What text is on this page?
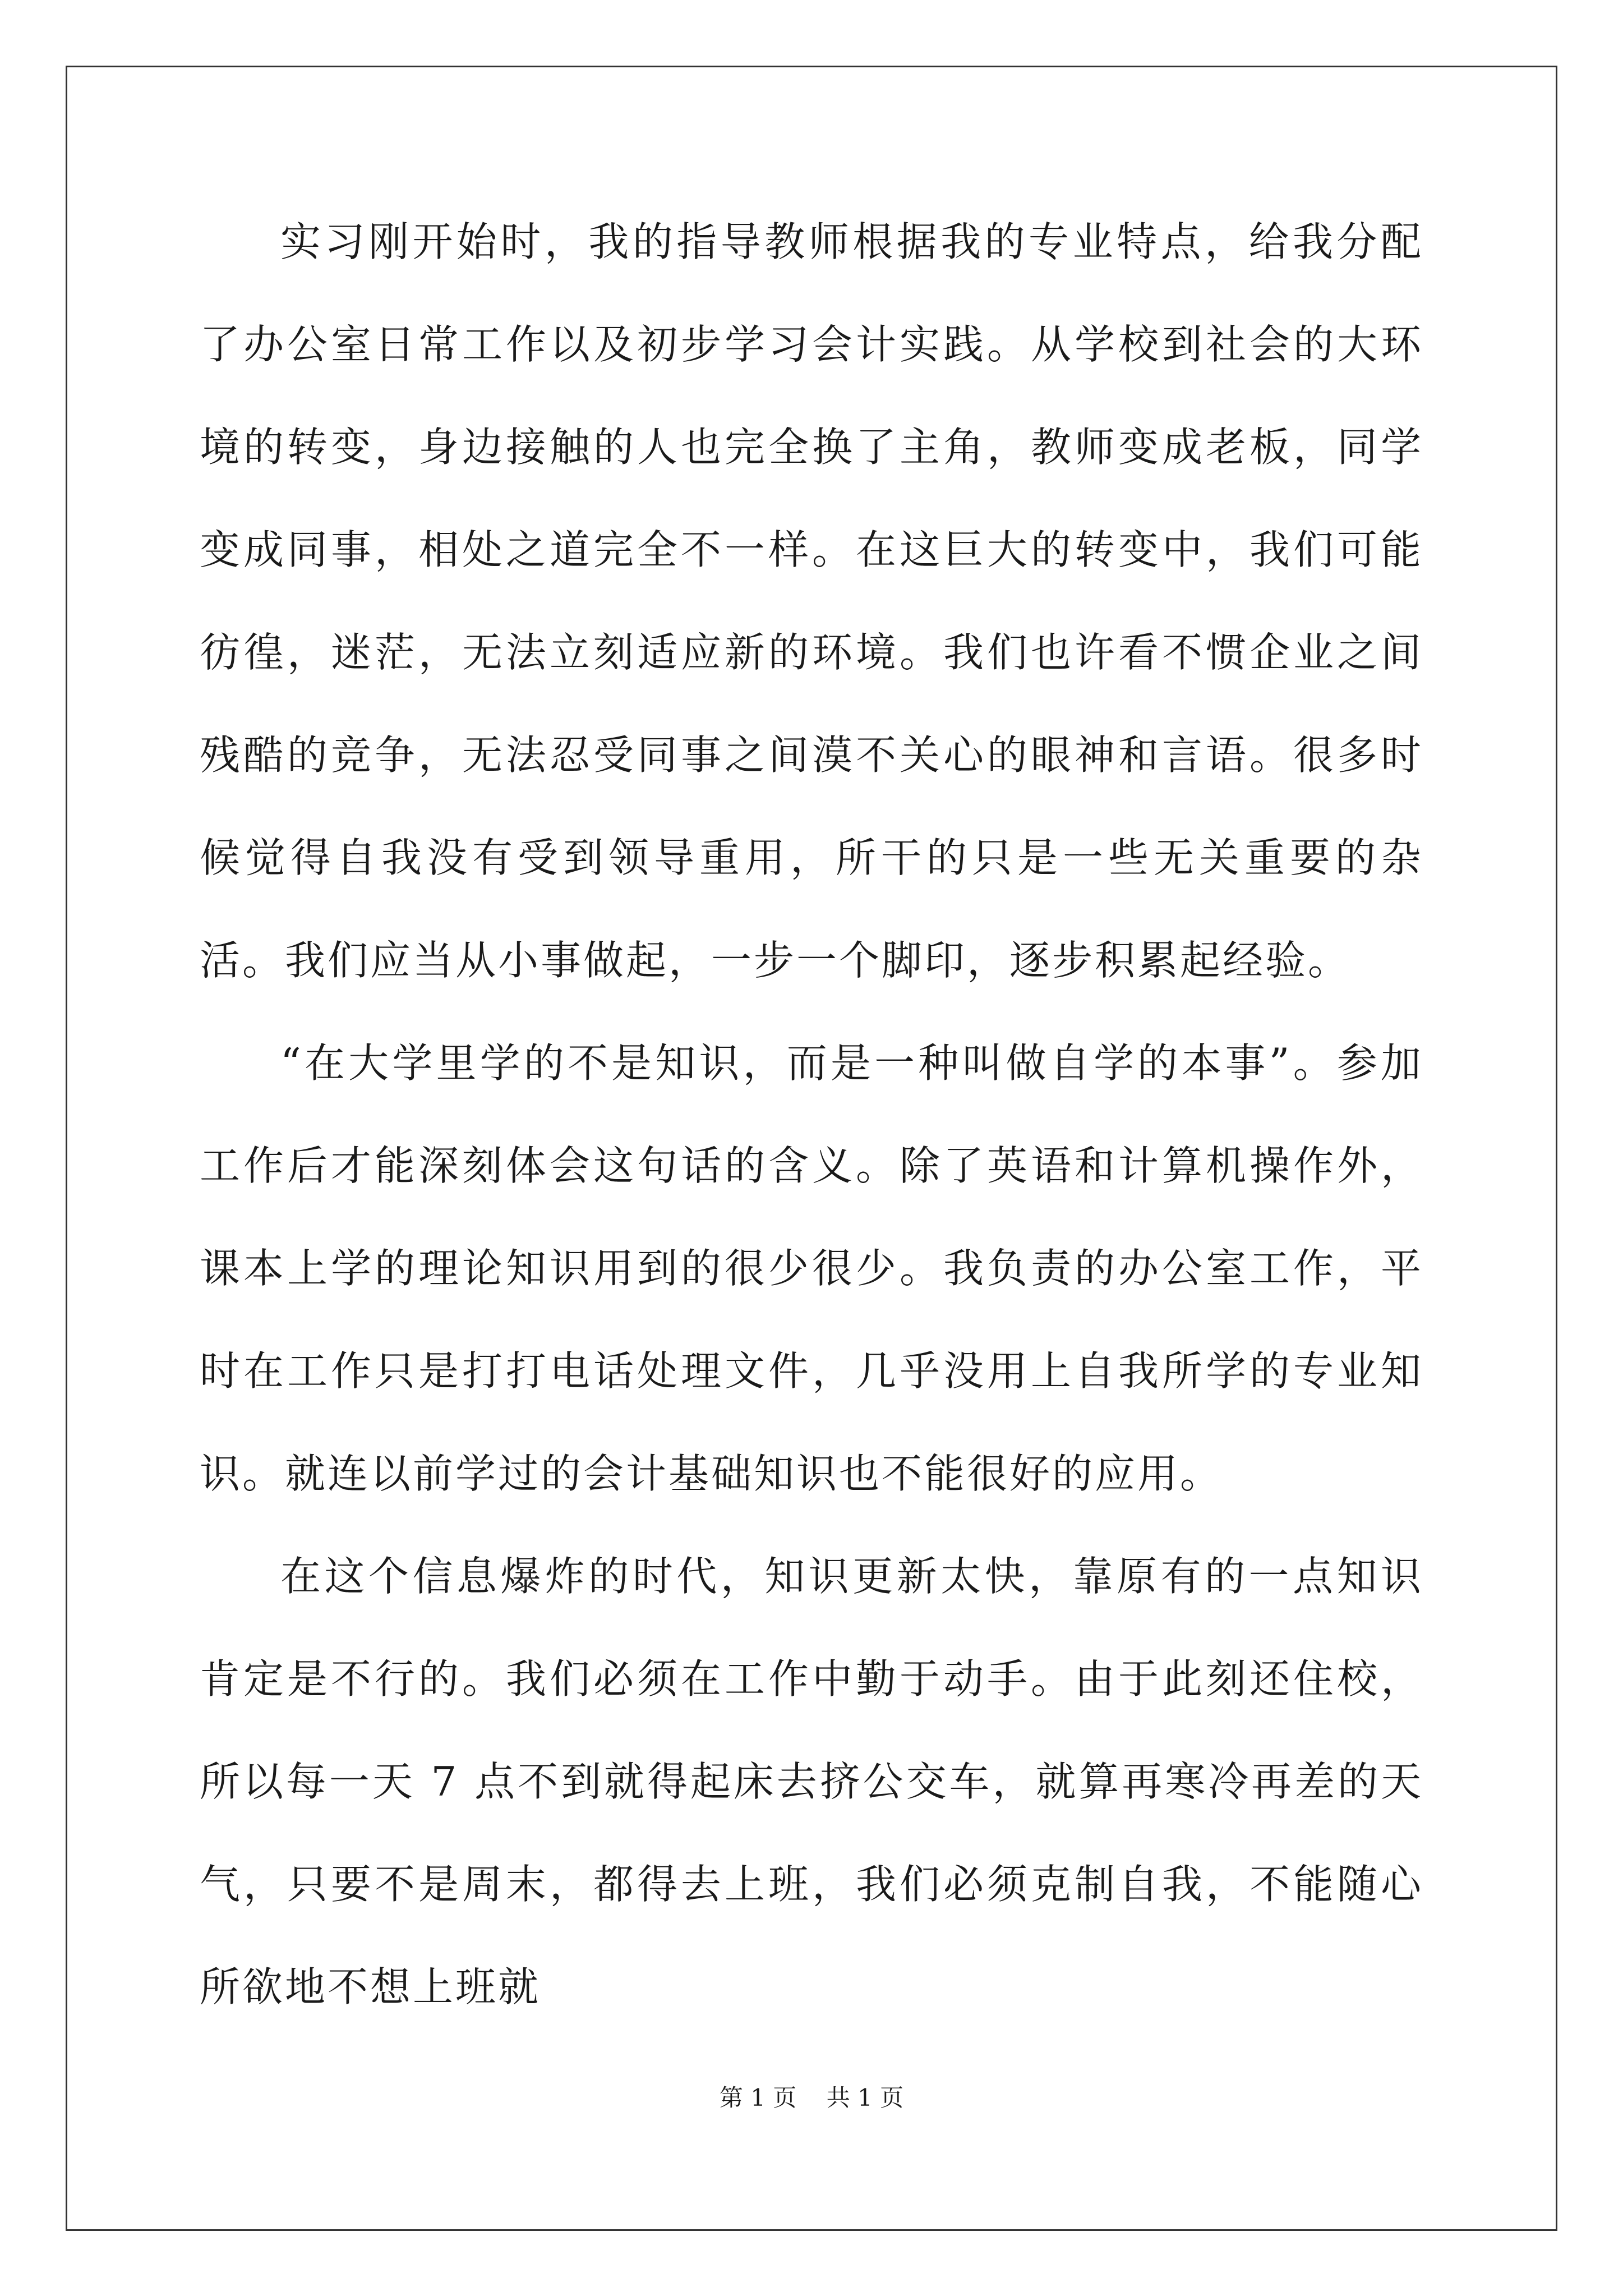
实习刚开始时，我的指导教师根据我的专业特点，给我分配了办公室日常工作以及初步学习会计实践。从学校到社会的大环境的转变，身边接触的人也完全换了主角，教师变成老板，同学变成同事，相处之道完全不一样。在这巨大的转变中，我们可能彷徨，迷茫，无法立刻适应新的环境。我们也许看不惯企业之间残酷的竞争，无法忍受同事之间漠不关心的眼神和言语。很多时候觉得自我没有受到领导重用，所干的只是一些无关重要的杂活。我们应当从小事做起，一步一个脚印，逐步积累起经验。

“在大学里学的不是知识，而是一种叫做自学的本事”。参加工作后才能深刻体会这句话的含义。除了英语和计算机操作外，课本上学的理论知识用到的很少很少。我负责的办公室工作，平时在工作只是打打电话处理文件，几乎没用上自我所学的专业知识。就连以前学过的会计基础知识也不能很好的应用。

在这个信息爆炸的时代，知识更新太快，靠原有的一点知识肯定是不行的。我们必须在工作中勤于动手。由于此刻还住校，所以每一天 7 点不到就得起床去挤公交车，就算再寒冷再差的天气，只要不是周末，都得去上班，我们必须克制自我，不能随心所欲地不想上班就

第 1 页    共 1 页
